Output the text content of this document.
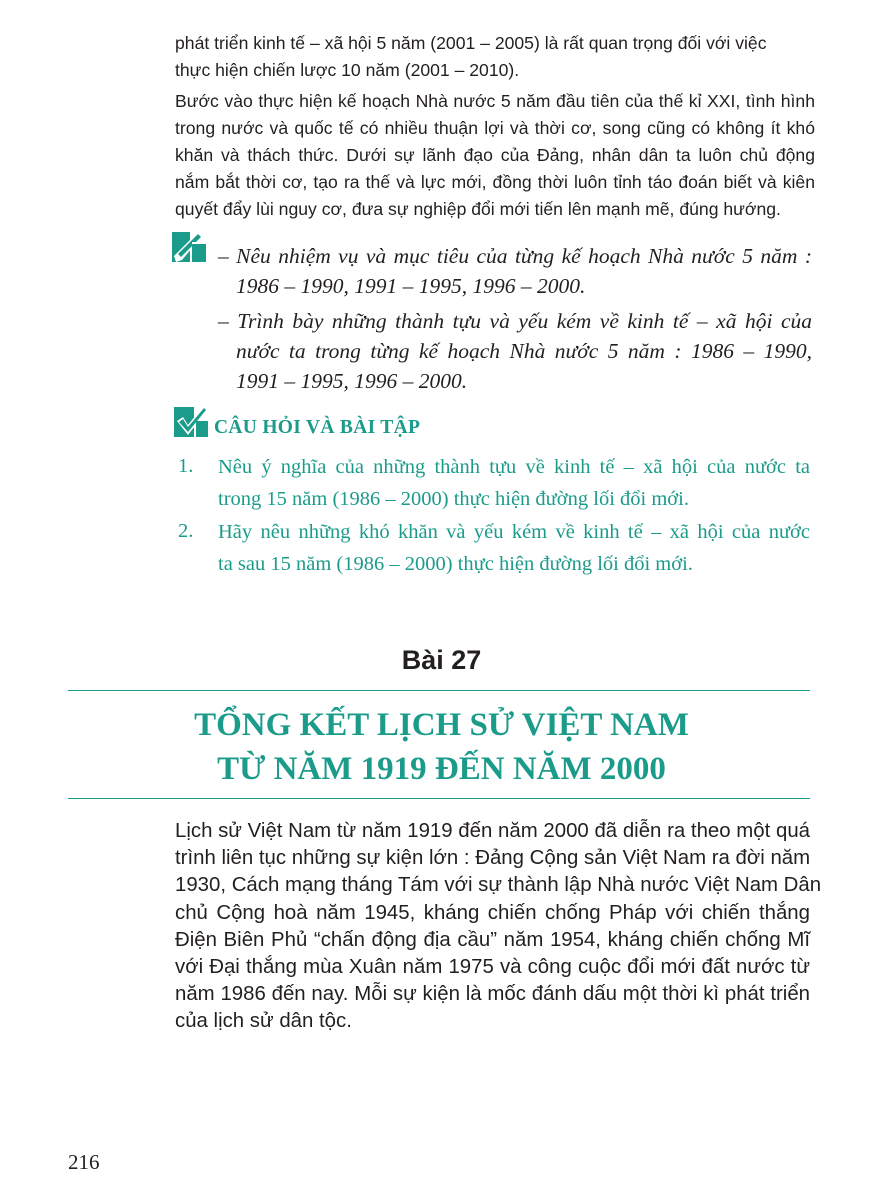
phát triển kinh tế – xã hội 5 năm (2001 – 2005) là rất quan trọng đối với việc
thực hiện chiến lược 10 năm (2001 – 2010).
Bước vào thực hiện kế hoạch Nhà nước 5 năm đầu tiên của thế kỉ XXI, tình hình
trong nước và quốc tế có nhiều thuận lợi và thời cơ, song cũng có không ít khó
khăn và thách thức. Dưới sự lãnh đạo của Đảng, nhân dân ta luôn chủ động
nắm bắt thời cơ, tạo ra thế và lực mới, đồng thời luôn tỉnh táo đoán biết và kiên
quyết đẩy lùi nguy cơ, đưa sự nghiệp đổi mới tiến lên mạnh mẽ, đúng hướng.
– Nêu nhiệm vụ và mục tiêu của từng kế hoạch Nhà nước 5 năm :
1986 – 1990, 1991 – 1995, 1996 – 2000.
– Trình bày những thành tựu và yếu kém về kinh tế – xã hội của
nước ta trong từng kế hoạch Nhà nước 5 năm : 1986 – 1990,
1991 – 1995, 1996 – 2000.
CÂU HỎI VÀ BÀI TẬP
1. Nêu ý nghĩa của những thành tựu về kinh tế – xã hội của nước ta
trong 15 năm (1986 – 2000) thực hiện đường lối đổi mới.
2. Hãy nêu những khó khăn và yếu kém về kinh tế – xã hội của nước
ta sau 15 năm (1986 – 2000) thực hiện đường lối đổi mới.
Bài 27
TỔNG KẾT LỊCH SỬ VIỆT NAM
TỪ NĂM 1919 ĐẾN NĂM 2000
Lịch sử Việt Nam từ năm 1919 đến năm 2000 đã diễn ra theo một quá
trình liên tục những sự kiện lớn : Đảng Cộng sản Việt Nam ra đời năm
1930, Cách mạng tháng Tám với sự thành lập Nhà nước Việt Nam Dân
chủ Cộng hoà năm 1945, kháng chiến chống Pháp với chiến thắng
Điện Biên Phủ “chấn động địa cầu” năm 1954, kháng chiến chống Mĩ
với Đại thắng mùa Xuân năm 1975 và công cuộc đổi mới đất nước từ
năm 1986 đến nay. Mỗi sự kiện là mốc đánh dấu một thời kì phát triển
của lịch sử dân tộc.
216
